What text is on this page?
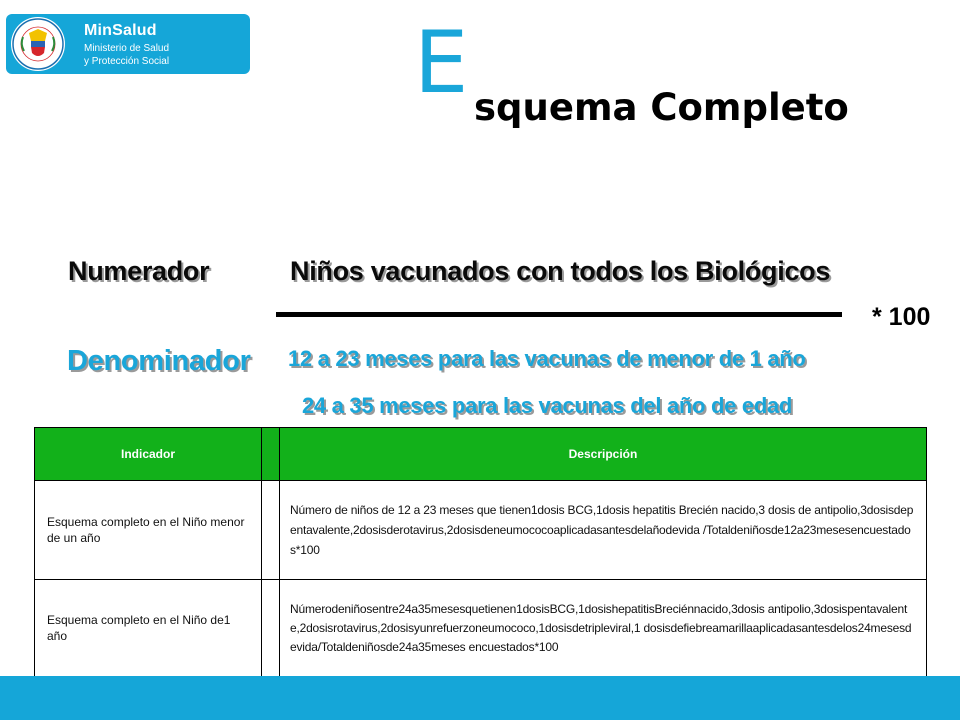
MinSalud
Ministerio de Salud
y Protección Social	E squema Completo
Numerador	Niños vacunados con todos los Biológicos
* 100
Denominador 12 a 23 meses para las vacunas de menor de 1 año
24 a 35 meses para las vacunas del año de edad
Indicador		Descripción
Esquema completo en el Niño menor de un año		Número de niños de 12 a 23 meses que tienen1dosis BCG,1dosis hepatitis Brecién nacido,3 dosis de antipolio,3dosisdepentavalente,2dosisderotavirus,2dosisdeneumococoaplicadasantesdelañodevida /Totaldeniñosde12a23mesesencuestados*100
Esquema completo en el Niño de1 año		Númerodeniñosentre24a35mesesquetienen1dosisBCG,1dosishepatitisBreciénnacido,3dosis antipolio,3dosispentavalente,2dosisrotavirus,2dosisyunrefuerzoneumococo,1dosisdetripleviral,1 dosisdefiebreamarillaaplicadasantesdelos24mesesdevida/Totaldeniñosde24a35meses encuestados*100
